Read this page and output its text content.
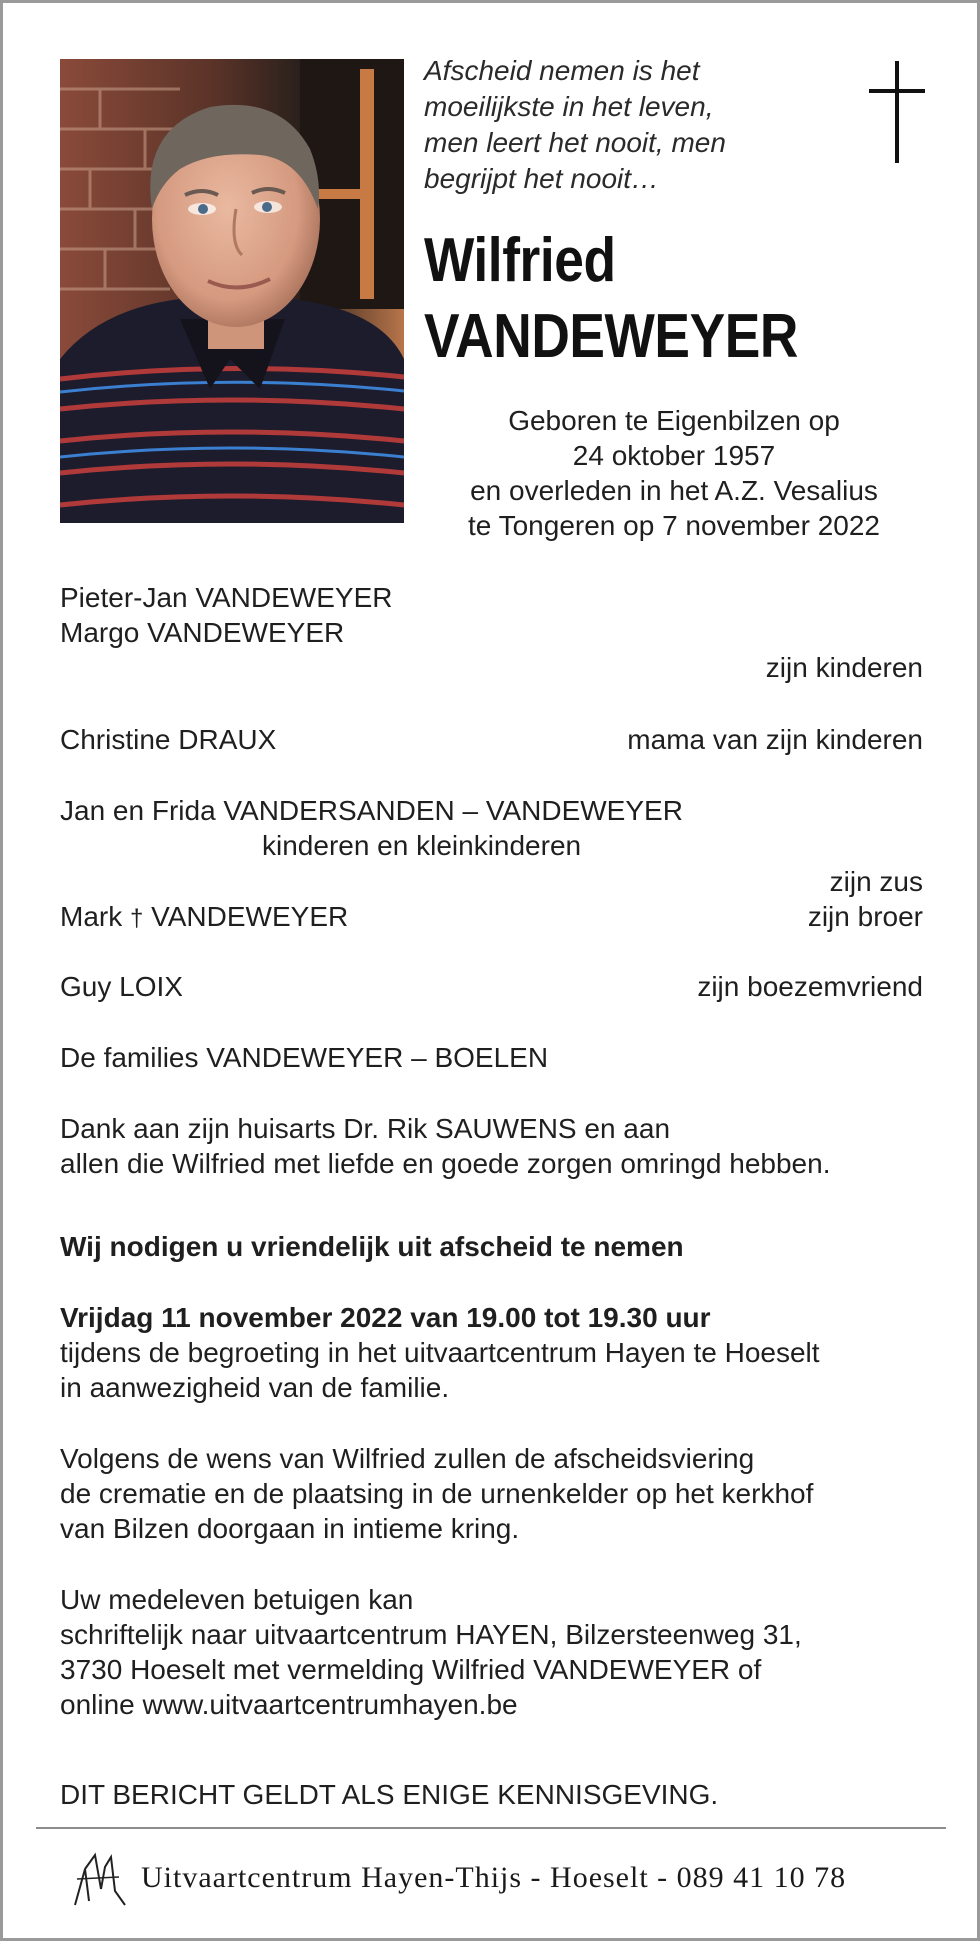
Afscheid nemen is het
moeilijkste in het leven,
men leert het nooit, men
begrijpt het nooit…
Wilfried
VANDEWEYER
Geboren te Eigenbilzen op
24 oktober 1957
en overleden in het A.Z. Vesalius
te Tongeren op 7 november 2022
Pieter-Jan VANDEWEYER
Margo VANDEWEYER
zijn kinderen
Christine DRAUX	mama van zijn kinderen
Jan en Frida VANDERSANDEN – VANDEWEYER
kinderen en kleinkinderen
zijn zus
Mark † VANDEWEYER	zijn broer
Guy LOIX	zijn boezemvriend
De families VANDEWEYER – BOELEN
Dank aan zijn huisarts Dr. Rik SAUWENS en aan
allen die Wilfried met liefde en goede zorgen omringd hebben.
Wij nodigen u vriendelijk uit afscheid te nemen
Vrijdag 11 november 2022 van 19.00 tot 19.30 uur
tijdens de begroeting in het uitvaartcentrum Hayen te Hoeselt
in aanwezigheid van de familie.
Volgens de wens van Wilfried zullen de afscheidsviering
de crematie en de plaatsing in de urnenkelder op het kerkhof
van Bilzen doorgaan in intieme kring.
Uw medeleven betuigen kan
schriftelijk naar uitvaartcentrum HAYEN, Bilzersteenweg 31,
3730 Hoeselt met vermelding Wilfried VANDEWEYER of
online www.uitvaartcentrumhayen.be
DIT BERICHT GELDT ALS ENIGE KENNISGEVING.
Uitvaartcentrum Hayen-Thijs - Hoeselt - 089 41 10 78
